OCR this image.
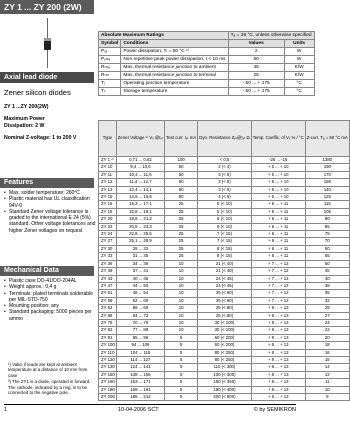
ZY 1 ... ZY 200 (2W)
Axial lead diode
Zener silicon diodes
ZY 1 ...ZY 200(2W)
Maximum Power
Dissipation: 2 W
Nominal Z-voltage: 1 to 200 V
Features
• Max. solder temperature: 260°C
• Plastic material has UL classification 94V-0
• Standard Zener voltage tolerance is graded to the international E 24 (5%) standard. Other voltage tolerances and higher Zener voltages on request
Mechanical Data
• Plastic case DO-41/DO-204AL
• Weight approx.: 0,4 g
• Terminals: plated terminals solderable per MIL-STD-750
• Mounting position: any
• Standard packaging: 5000 pieces per ammo
¹) Valid, if leads are kept at ambient temperature at a distance of 10 mm from case
²) The ZY1 is a diode, operated in forward. The cathode, indicated by a ring, is to be connected to the negative pole.
Absolute Maximum Ratings		Tₐ = 25 °C, unless otherwise specified	
Symbol	Conditions	Values	Units
Pₓₓ	Power dissipation, Tₗ = 50 °C ¹⁾	2	W
Pₓₘₓ	Non repetitive peak power dissipation, t < 10 ms	60	W
Rₜₕₐ	Max. thermal resistance junction to ambient	45	K/W
Rₜₕₜ	Max. thermal resistance junction to terminal	25	K/W
Tⱼ	Operating junction temperature	- 50 ... + 175	°C
Tₛ	Storage temperature	- 50 ... + 175	°C
Type	Zener Voltage ¹⁾ Vₓ @Iₓₜ	Test curr. Iₓₜ mA	Dyn. Resistance Zₓₜ@Iₓₜ Ω	Temp. Coeffic. of Vₓ % / °C	Z-curr. Tₐ = 50 °C mA
ZY 1 ²⁾	0,71 ... 0,82	100	< 0,5	-26 ... -16	1380
ZY 10	9,4 ... 10,6	50	2 (< 4)	+ 5 ... + 10	190
ZY 11	10,4 ... 11,6	50	3 (< 5)	+ 5 ... + 10	170
ZY 12	11,4 ... 12,7	50	3 (< 5)	+ 5 ... + 10	155
ZY 13	12,4 ... 14,1	50	3 (< 5)	+ 5 ... + 10	140
ZY 15	13,8 ... 15,6	50	4 (< 6)	+ 5 ... + 10	125
ZY 16	15,3 ... 17,1	25	5 (< 10)	+ 6 ... + 11	115
ZY 18	16,8 ... 19,1	25	5 (< 10)	+ 6 ... + 11	105
ZY 20	18,8 ... 21,2	25	6 (< 10)	+ 6 ... + 11	90
ZY 22	20,8 ... 23,3	25	6 (< 10)	+ 6 ... + 11	85
ZY 24	22,8 ... 25,6	25	7 (< 15)	+ 6 ... + 11	75
ZY 27	25,1 ... 28,9	25	7 (< 15)	+ 6 ... + 11	70
ZY 30	28 ... 32	25	8 (< 15)	+ 6 ... + 11	60
ZY 33	31 ... 35	25	8 (< 15)	+ 6 ... + 11	55
ZY 36	34 ... 38	10	21 (< 40)	+ 7 ... + 12	50
ZY 39	37 ... 41	10	21 (< 40)	+ 7 ... + 12	45
ZY 43	40 ... 46	10	24 (< 45)	+ 7 ... + 12	40
ZY 47	44 ... 50	10	24 (< 45)	+ 7 ... + 12	38
ZY 51	48 ... 54	10	25 (< 60)	+ 7 ... + 12	35
ZY 56	52 ... 60	10	25 (< 60)	+ 7 ... + 12	32
ZY 62	58 ... 66	10	25 (< 80)	+ 8 ... + 13	29
ZY 68	64 ... 72	10	25 (< 80)	+ 8 ... + 13	27
ZY 75	70 ... 79	10	30 (< 100)	+ 8 ... + 13	24
ZY 82	77 ... 88	10	30 (< 100)	+ 8 ... + 13	22
ZY 91	85 ... 96	5	60 (< 200)	+ 8 ... + 13	20
ZY 100	94 ... 106	5	60 (< 200)	+ 8 ... + 13	18
ZY 110	104 ... 116	5	80 (< 250)	+ 8 ... + 13	16
ZY 120	114 ... 127	5	80 (< 250)	+ 8 ... + 13	15
ZY 130	124 ... 141	5	110 (< 300)	+ 8 ... + 13	14
ZY 150	138 ... 156	5	130 (< 300)	+ 8 ... + 13	12
ZY 160	153 ... 171	5	150 (< 350)	+ 8 ... + 13	11
ZY 180	168 ... 191	5	180 (< 400)	+ 8 ... + 13	10
ZY 200	188 ... 212	5	200 (< 500)	+ 8 ... + 13	9
1	10-04-2006 SCT	© by SEMIKRON
